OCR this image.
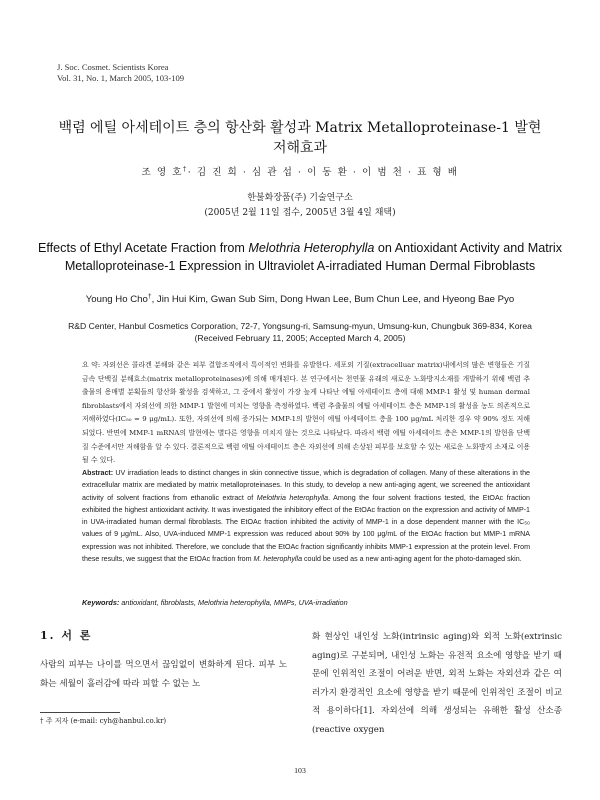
J. Soc. Cosmet. Scientists Korea
Vol. 31, No. 1, March 2005, 103-109
백렴 에틸 아세테이트 층의 항산화 활성과 Matrix Metalloproteinase-1 발현
저해효과
조 영 호†· 김 진 희 · 심 관 섭 · 이 동 환 · 이 범 천 · 표 형 배
한불화장품(주) 기술연구소
(2005년 2월 11일 접수, 2005년 3월 4일 채택)
Effects of Ethyl Acetate Fraction from Melothria Heterophylla on Antioxidant Activity and Matrix Metalloproteinase-1 Expression in Ultraviolet A-irradiated Human Dermal Fibroblasts
Young Ho Cho†, Jin Hui Kim, Gwan Sub Sim, Dong Hwan Lee, Bum Chun Lee, and Hyeong Bae Pyo
R&D Center, Hanbul Cosmetics Corporation, 72-7, Yongsung-ri, Samsung-myun, Umsung-kun, Chungbuk 369-834, Korea
(Received February 11, 2005; Accepted March 4, 2005)
요 약: 자외선은 콜라겐 분해와 같은 피부 결합조직에서 특이적인 변화를 유발한다. 세포외 기질(extracelluar matrix)내에서의 많은 변형들은 기질 금속 단백질 분해효소(matrix metalloproteinases)에 의해 매개된다. 본 연구에서는 천연물 유래의 새로운 노화방지소재를 개발하기 위해 백렴 추출물의 용매별 분획들의 항산화 활성을 검색하고, 그 중에서 활성이 가장 높게 나타난 에틸 아세테이트 층에 대해 MMP-1 활성 및 human dermal fibroblasts에서 자외선에 의한 MMP-1 발현에 미치는 영향을 측정하였다. 백렴 추출물의 에틸 아세테이트 층은 MMP-1의 활성을 농도 의존적으로 저해하였다(IC₅₀ = 9 μg/mL). 또한, 자외선에 의해 증가되는 MMP-1의 발현이 에틸 아세테이트 층을 100 μg/mL 처리한 경우 약 90% 정도 저해되었다. 반면에 MMP-1 mRNA의 발현에는 별다른 영향을 미치지 않는 것으로 나타났다. 따라서 백렴 에틸 아세테이트 층은 MMP-1의 발현을 단백질 수준에서만 저해함을 알 수 있다. 결론적으로 백렴 에틸 아세테이트 층은 자외선에 의해 손상된 피부를 보호할 수 있는 새로운 노화방지 소재로 이용될 수 있다.
Abstract: UV irradiation leads to distinct changes in skin connective tissue, which is degradation of collagen. Many of these alterations in the extracellular matrix are mediated by matrix metalloproteinases. In this study, to develop a new anti-aging agent, we screened the antioxidant activity of solvent fractions from ethanolic extract of Melothria heterophylla. Among the four solvent fractions tested, the EtOAc fraction exhibited the highest antioxidant activity. It was investigated the inhibitory effect of the EtOAc fraction on the expression and activity of MMP-1 in UVA-irradiated human dermal fibroblasts. The EtOAc fraction inhibited the activity of MMP-1 in a dose dependent manner with the IC₅₀ values of 9 μg/mL. Also, UVA-induced MMP-1 expression was reduced about 90% by 100 μg/mL of the EtOAc fraction but MMP-1 mRNA expression was not inhibited. Therefore, we conclude that the EtOAc fraction significantly inhibits MMP-1 expression at the protein level. From these results, we suggest that the EtOAc fraction from M. heterophylla could be used as a new anti-aging agent for the photo-damaged skin.
Keywords: antioxidant, fibroblasts, Melothria heterophylla, MMPs, UVA-irradiation
1. 서 론
사람의 피부는 나이를 먹으면서 끊임없이 변화하게 된다. 피부 노화는 세월이 흘러감에 따라 피할 수 없는 노
화 현상인 내인성 노화(intrinsic aging)와 외적 노화(extrinsic aging)로 구분되며, 내인성 노화는 유전적 요소에 영향을 받기 때문에 인위적인 조절이 어려운 반면, 외적 노화는 자외선과 같은 여러가지 환경적인 요소에 영향을 받기 때문에 인위적인 조절이 비교적 용이하다[1]. 자외선에 의해 생성되는 유해한 활성 산소종(reactive oxygen
† 주 저자 (e-mail: cyh@hanbul.co.kr)
103
